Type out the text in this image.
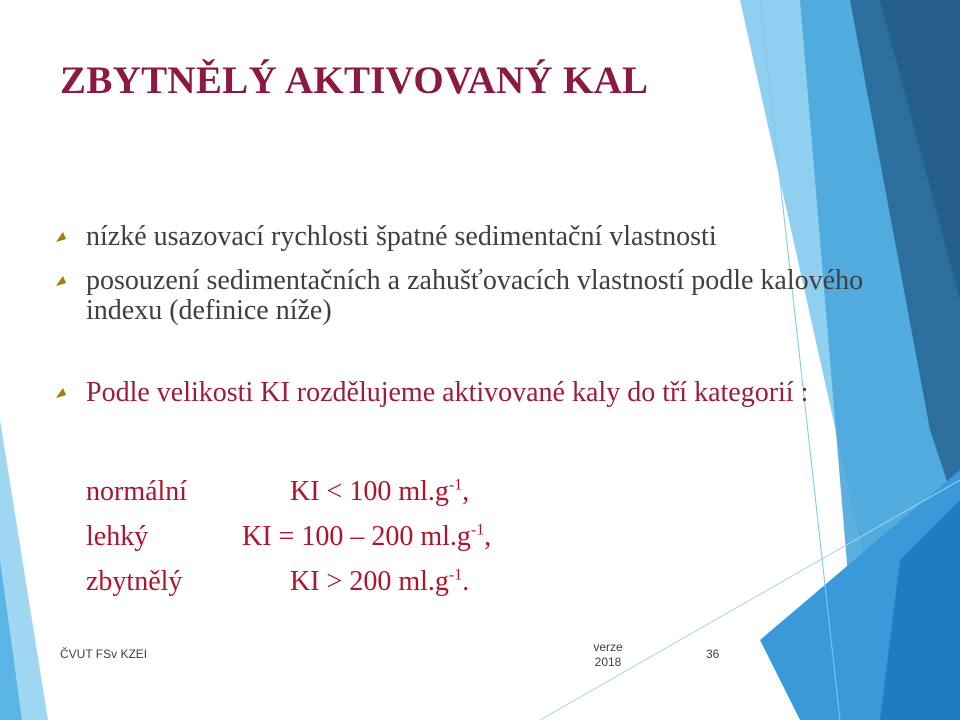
ZBYTNĚLÝ AKTIVOVANÝ KAL
nízké usazovací rychlosti špatné sedimentační vlastnosti
posouzení sedimentačních a zahušťovacích vlastností podle kalového indexu (definice níže)
Podle velikosti KI rozdělujeme aktivované kaly do tří kategorií :
normální	KI < 100 $ml.g^{-1}$,
lehký	KI = 100 – 200 $ml.g^{-1}$,
zbytnělý	KI > 200 $ml.g^{-1}$.
ČVUT FSv KZEI	verze
2018
36
